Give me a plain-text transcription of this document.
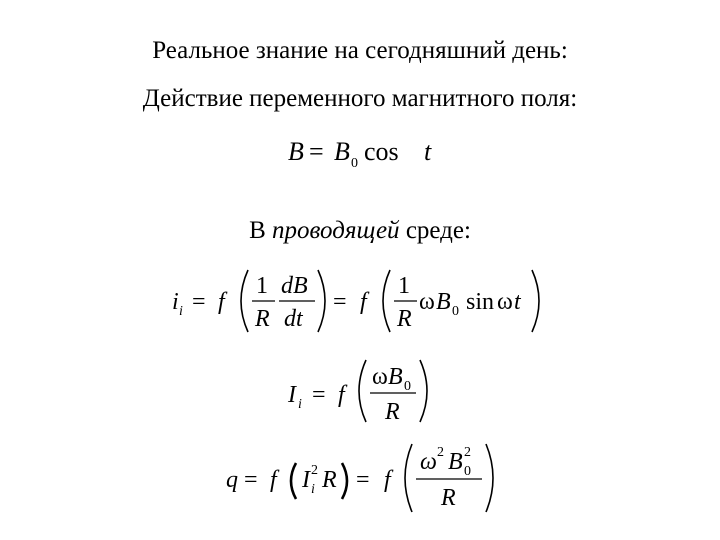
Реальное знание на сегодняшний день:
Действие переменного магнитного поля:
В проводящей среде:
B = B 0 cos t
i i = f
1
R
dB
dt
= f
1
R
ω B 0 sin ω t
I i = f
ω B 0
R
q = f I 2
i R = f
ω 2 B 2
0
R
